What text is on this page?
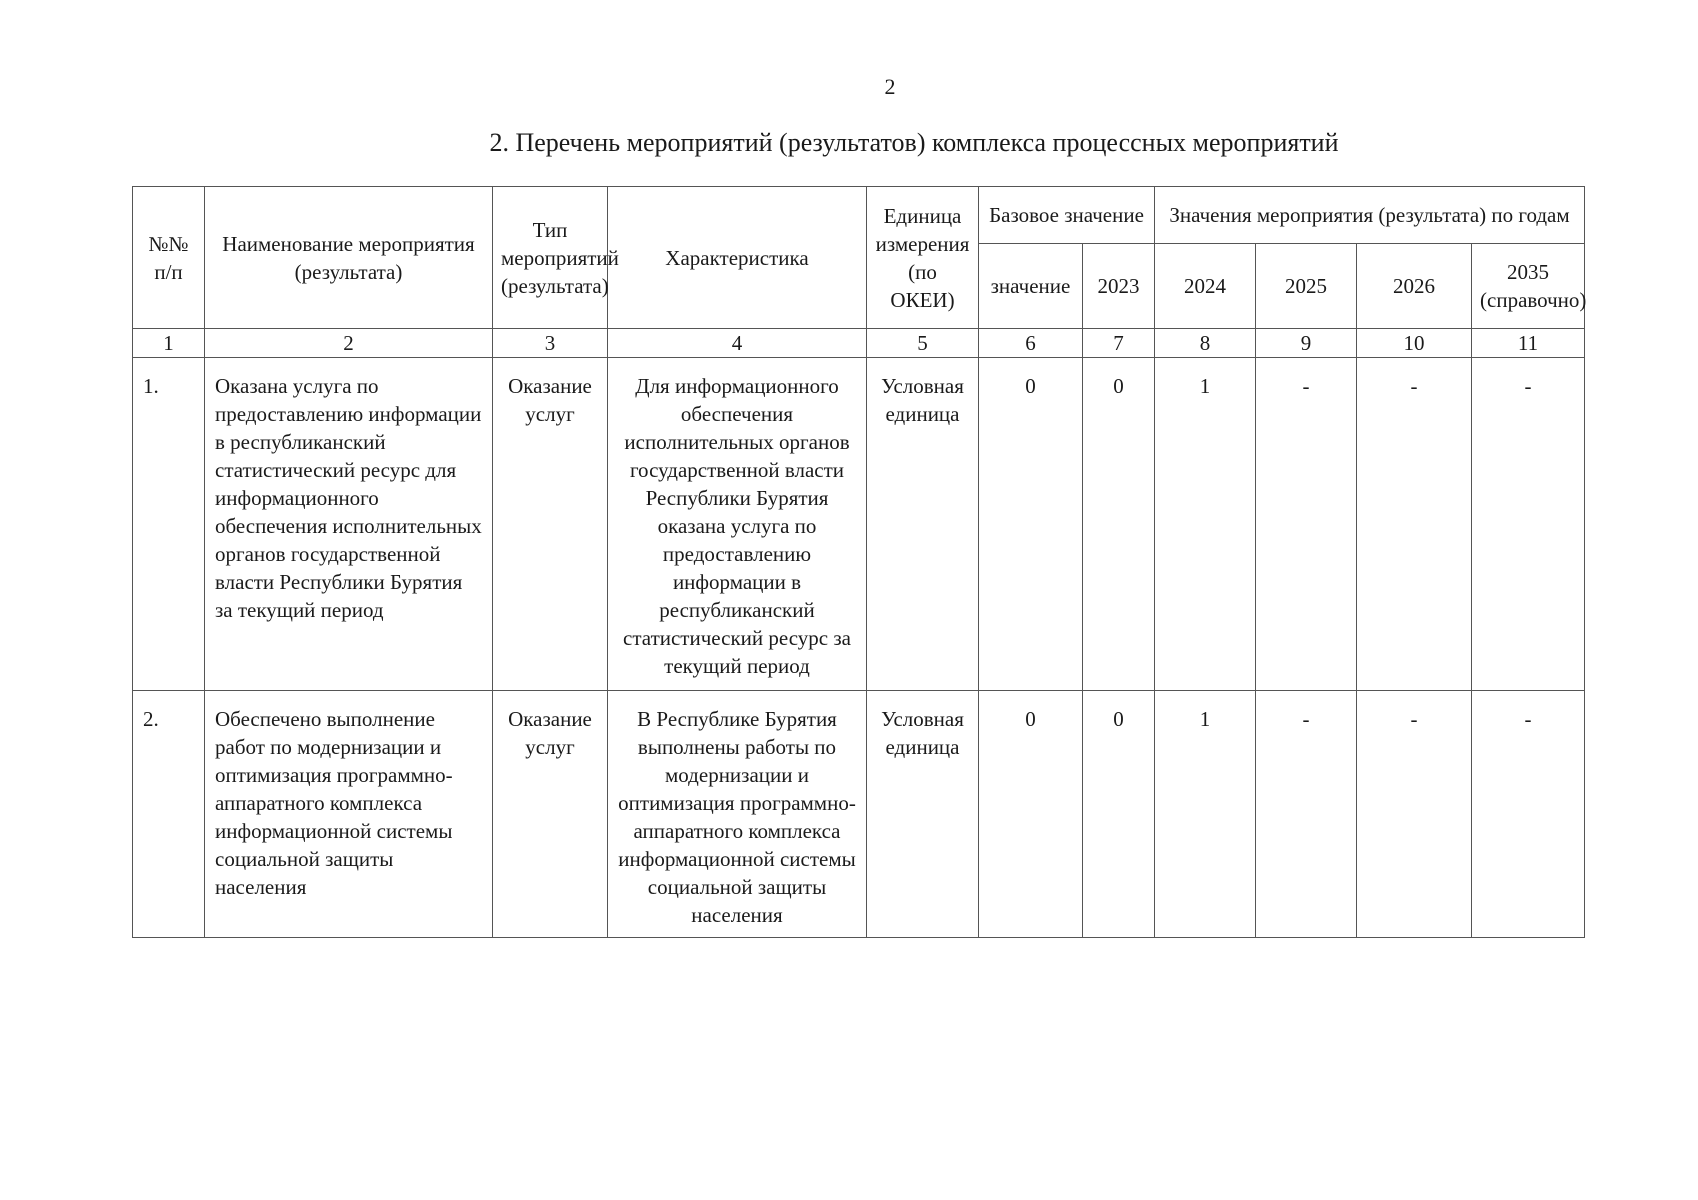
2
2. Перечень мероприятий (результатов) комплекса процессных мероприятий
№№ п/п	Наименование мероприятия (результата)	Тип мероприятий (результата)	Характеристика	Единица измерения (по ОКЕИ)	Базовое значение		Значения мероприятия (результата) по годам			
					значение	2023	2024	2025	2026	2035 (справочно)
1	2	3	4	5	6	7	8	9	10	11
1.	Оказана услуга по предоставлению информации в республиканский статистический ресурс для информационного обеспечения исполнительных органов государственной власти Республики Бурятия за текущий период	Оказание услуг	Для информационного обеспечения исполнительных органов государственной власти Республики Бурятия оказана услуга по предоставлению информации в республиканский статистический ресурс за текущий период	Условная единица	0	0	1	-	-	-
2.	Обеспечено выполнение работ по модернизации и оптимизация программно-аппаратного комплекса информационной системы социальной защиты населения	Оказание услуг	В Республике Бурятия выполнены работы по модернизации и оптимизация программно-аппаратного комплекса информационной системы социальной защиты населения	Условная единица	0	0	1	-	-	-
